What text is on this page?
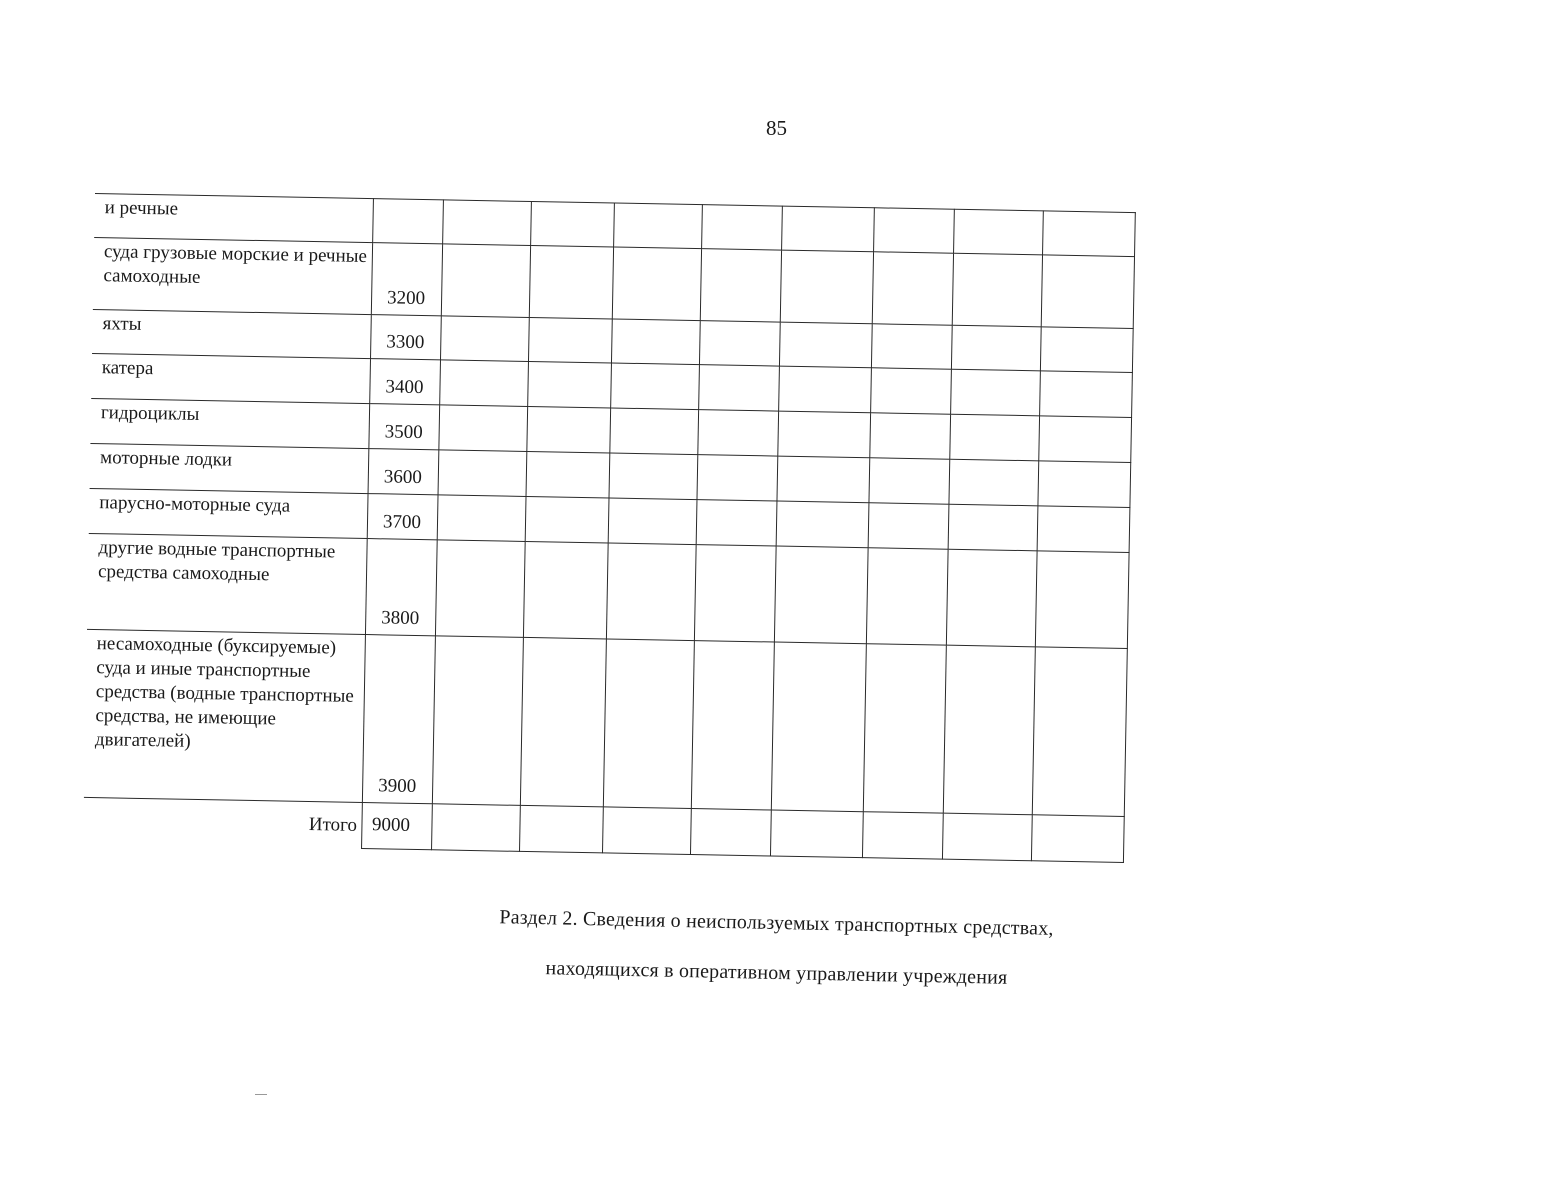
85
и речные									
суда грузовые морские и речные самоходные	3200								
яхты	3300								
катера	3400								
гидроциклы	3500								
моторные лодки	3600								
парусно-моторные суда	3700								
другие водные транспортные средства самоходные	3800								
несамоходные (буксируемые) суда и иные транспортные средства (водные транспортные средства, не имеющие двигателей)	3900								
Итого	9000								
Раздел 2. Сведения о неиспользуемых транспортных средствах,
находящихся в оперативном управлении учреждения
